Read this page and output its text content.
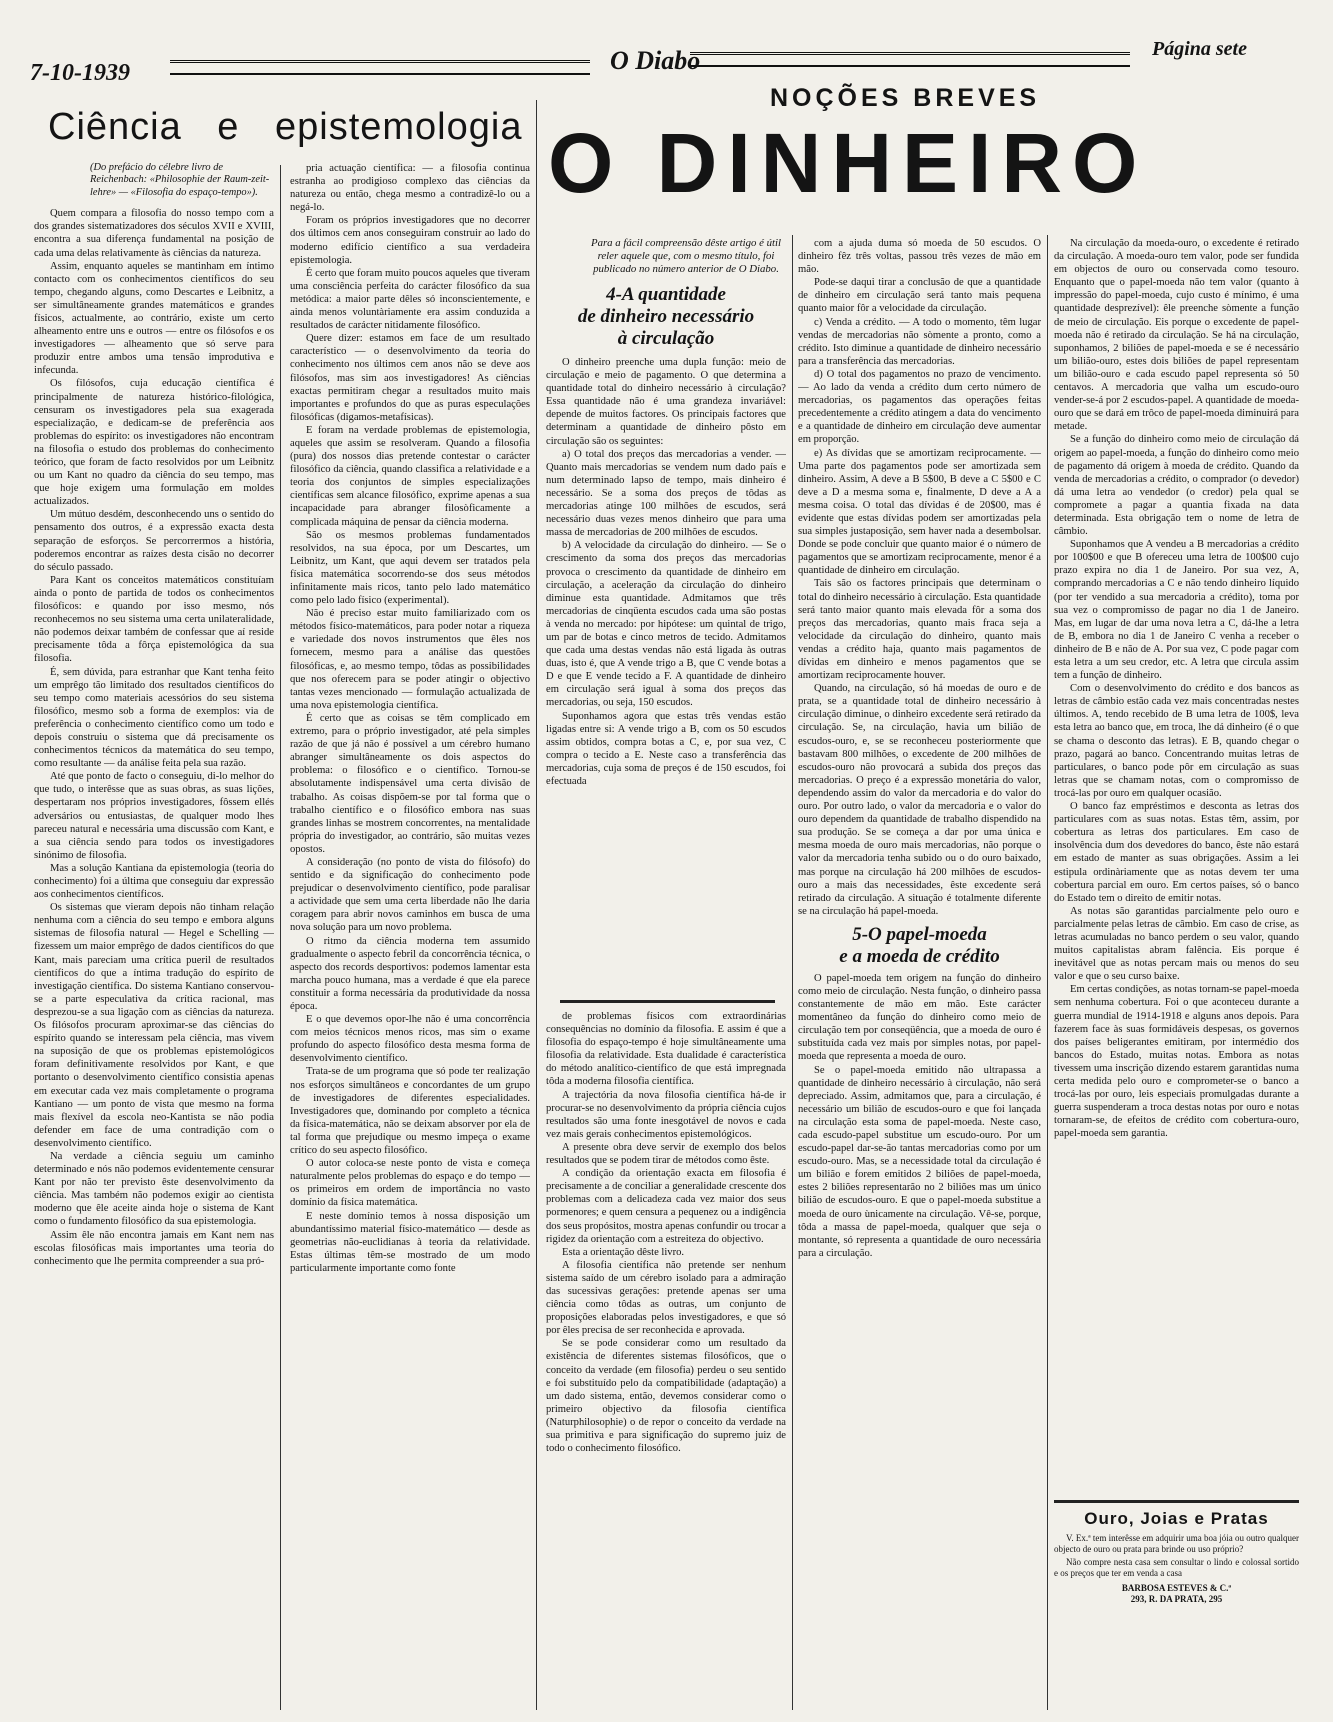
7-10-1939	O Diabo	Página sete
Ciência e epistemologia
NOÇÕES BREVES
O DINHEIRO
(Do prefácio do célebre livro de Reichenbach: «Philosophie der Raum-zeit-lehre» — «Filosofia do espaço-tempo»).

Quem compara a filosofia do nosso tempo com a dos grandes sistematizadores dos séculos XVII e XVIII, encontra a sua diferença fundamental na posição de cada uma delas relativamente às ciências da natureza.

Assim, enquanto aqueles se mantinham em íntimo contacto com os conhecimentos científicos do seu tempo, chegando alguns, como Descartes e Leibnitz, a ser simultâneamente grandes matemáticos e grandes físicos, actualmente, ao contrário, existe um certo alheamento entre uns e outros — entre os filósofos e os investigadores — alheamento que só serve para produzir entre ambos uma tensão improdutiva e infecunda.

Os filósofos, cuja educação científica é principalmente de natureza histórico-filológica, censuram os investigadores pela sua exagerada especialização, e dedicam-se de preferência aos problemas do espírito: os investigadores não encontram na filosofia o estudo dos problemas do conhecimento teórico, que foram de facto resolvidos por um Leibnitz ou um Kant no quadro da ciência do seu tempo, mas que hoje exigem uma formulação em moldes actualizados.

Um mútuo desdém, desconhecendo uns o sentido do pensamento dos outros, é a expressão exacta desta separação de esforços. Se percorrermos a história, poderemos encontrar as raízes desta cisão no decorrer do século passado.

Para Kant os conceitos matemáticos constituíam ainda o ponto de partida de todos os conhecimentos filosóficos: e quando por isso mesmo, nós reconhecemos no seu sistema uma certa unilateralidade, não podemos deixar também de confessar que aí reside precisamente tôda a fôrça epistemológica da sua filosofia.

É, sem dúvida, para estranhar que Kant tenha feito um emprêgo tão limitado dos resultados científicos do seu tempo como materiais acessórios do seu sistema filosófico, mesmo sob a forma de exemplos: via de preferência o conhecimento científico como um todo e depois construiu o sistema que dá precisamente os conhecimentos técnicos da matemática do seu tempo, como resultante — da análise feita pela sua razão.

Até que ponto de facto o conseguiu, di-lo melhor do que tudo, o interêsse que as suas obras, as suas lições, despertaram nos próprios investigadores, fôssem ellés adversários ou entusiastas, de qualquer modo lhes pareceu natural e necessária uma discussão com Kant, e a sua ciência sendo para todos os investigadores sinónimo de filosofia.

Mas a solução Kantiana da epistemologia (teoria do conhecimento) foi a última que conseguiu dar expressão aos conhecimentos científicos.

Os sistemas que vieram depois não tinham relação nenhuma com a ciência do seu tempo e embora alguns sistemas de filosofia natural — Hegel e Schelling — fizessem um maior emprêgo de dados científicos do que Kant, mais pareciam uma crítica pueril de resultados científicos do que a íntima tradução do espírito de investigação científica. Do sistema Kantiano conservou-se a parte especulativa da crítica racional, mas desprezou-se a sua ligação com as ciências da natureza. Os filósofos procuram aproximar-se das ciências do espírito quando se interessam pela ciência, mas vivem na suposição de que os problemas epistemológicos foram definitivamente resolvidos por Kant, e que portanto o desenvolvimento científico consistia apenas em executar cada vez mais completamente o programa Kantiano — um ponto de vista que mesmo na forma mais flexível da escola neo-Kantista se não podia defender em face de uma contradição com o desenvolvimento científico.

Na verdade a ciência seguiu um caminho determinado e nós não podemos evidentemente censurar Kant por não ter previsto êste desenvolvimento da ciência. Mas também não podemos exigir ao cientista moderno que êle aceite ainda hoje o sistema de Kant como o fundamento filosófico da sua epistemologia.

Assim êle não encontra jamais em Kant nem nas escolas filosóficas mais importantes uma teoria do conhecimento que lhe permita compreender a sua pró-

pria actuação científica: — a filosofia continua estranha ao prodigioso complexo das ciências da natureza ou então, chega mesmo a contradizê-lo ou a negá-lo.

Foram os próprios investigadores que no decorrer dos últimos cem anos conseguiram construir ao lado do moderno edifício científico a sua verdadeira epistemologia.

É certo que foram muito poucos aqueles que tiveram uma consciência perfeita do carácter filosófico da sua metódica: a maior parte dêles só inconscientemente, e ainda menos voluntàriamente era assim conduzida a resultados de carácter nitidamente filosófico.

Quere dizer: estamos em face de um resultado característico — o desenvolvimento da teoria do conhecimento nos últimos cem anos não se deve aos filósofos, mas sim aos investigadores! As ciências exactas permitiram chegar a resultados muito mais importantes e profundos do que as puras especulações filosóficas (digamos-metafísicas).

E foram na verdade problemas de epistemologia, aqueles que assim se resolveram. Quando a filosofia (pura) dos nossos dias pretende contestar o carácter filosófico da ciência, quando classifica a relatividade e a teoria dos conjuntos de simples especializações científicas sem alcance filosófico, exprime apenas a sua incapacidade para abranger filosòficamente a complicada máquina de pensar da ciência moderna.

São os mesmos problemas fundamentados resolvidos, na sua época, por um Descartes, um Leibnitz, um Kant, que aqui devem ser tratados pela física matemática socorrendo-se dos seus métodos infinitamente mais ricos, tanto pelo lado matemático como pelo lado físico (experimental).

Não é preciso estar muito familiarizado com os métodos físico-matemáticos, para poder notar a riqueza e variedade dos novos instrumentos que êles nos fornecem, mesmo para a análise das questões filosóficas, e, ao mesmo tempo, tôdas as possibilidades que nos oferecem para se poder atingir o objectivo tantas vezes mencionado — formulação actualizada de uma nova epistemologia científica.

É certo que as coisas se têm complicado em extremo, para o próprio investigador, até pela simples razão de que já não é possível a um cérebro humano abranger simultâneamente os dois aspectos do problema: o filosófico e o científico. Tornou-se absolutamente indispensável uma certa divisão de trabalho. As coisas dispõem-se por tal forma que o trabalho científico e o filosófico embora nas suas grandes linhas se mostrem concorrentes, na mentalidade própria do investigador, ao contrário, são muitas vezes opostos.

A consideração (no ponto de vista do filósofo) do sentido e da significação do conhecimento pode prejudicar o desenvolvimento científico, pode paralisar a actividade que sem uma certa liberdade não lhe daria coragem para abrir novos caminhos em busca de uma nova solução para um novo problema.

O ritmo da ciência moderna tem assumido gradualmente o aspecto febril da concorrência técnica, o aspecto dos records desportivos: podemos lamentar esta marcha pouco humana, mas a verdade é que ela parece constituir a forma necessária da produtividade da nossa época.

E o que devemos opor-lhe não é uma concorrência com meios técnicos menos ricos, mas sim o exame profundo do aspecto filosófico desta mesma forma de desenvolvimento científico.

Trata-se de um programa que só pode ter realização nos esforços simultâneos e concordantes de um grupo de investigadores de diferentes especialidades. Investigadores que, dominando por completo a técnica da física-matemática, não se deixam absorver por ela de tal forma que prejudique ou mesmo impeça o exame crítico do seu aspecto filosófico.

O autor coloca-se neste ponto de vista e começa naturalmente pelos problemas do espaço e do tempo — os primeiros em ordem de importância no vasto domínio da física matemática.

E neste domínio temos à nossa disposição um abundantíssimo material físico-matemático — desde as geometrias não-euclidianas à teoria da relatividade. Estas últimas têm-se mostrado de um modo particularmente importante como fonte

Para a fácil compreensão dêste artigo é útil reler aquele que, com o mesmo título, foi publicado no número anterior de O Diabo.
4-A quantidade
de dinheiro necessário
à circulação

O dinheiro preenche uma dupla função: meio de circulação e meio de pagamento. O que determina a quantidade total do dinheiro necessário à circulação? Essa quantidade não é uma grandeza invariável: depende de muitos factores. Os principais factores que determinam a quantidade de dinheiro pôsto em circulação são os seguintes:

a) O total dos preços das mercadorias a vender. — Quanto mais mercadorias se vendem num dado país e num determinado lapso de tempo, mais dinheiro é necessário. Se a soma dos preços de tôdas as mercadorias atinge 100 milhões de escudos, será necessário duas vezes menos dinheiro que para uma massa de mercadorias de 200 milhões de escudos.

b) A velocidade da circulação do dinheiro. — Se o crescimento da soma dos preços das mercadorias provoca o crescimento da quantidade de dinheiro em circulação, a aceleração da circulação do dinheiro diminue esta quantidade. Admitamos que três mercadorias de cinqüenta escudos cada uma são postas à venda no mercado: por hipótese: um quintal de trigo, um par de botas e cinco metros de tecido. Admitamos que cada uma destas vendas não está ligada às outras duas, isto é, que A vende trigo a B, que C vende botas a D e que E vende tecido a F. A quantidade de dinheiro em circulação será igual à soma dos preços das mercadorias, ou seja, 150 escudos.

Suponhamos agora que estas três vendas estão ligadas entre si: A vende trigo a B, com os 50 escudos assim obtidos, compra botas a C, e, por sua vez, C compra o tecido a E. Neste caso a transferência das mercadorias, cuja soma de preços é de 150 escudos, foi efectuada

de problemas físicos com extraordinárias consequências no domínio da filosofia. E assim é que a filosofia do espaço-tempo é hoje simultâneamente uma filosofia da relatividade. Esta dualidade é característica do método analítico-científico de que está impregnada tôda a moderna filosofia científica.

A trajectória da nova filosofia científica há-de ir procurar-se no desenvolvimento da própria ciência cujos resultados são uma fonte inesgotável de novos e cada vez mais gerais conhecimentos epistemológicos.

A presente obra deve servir de exemplo dos belos resultados que se podem tirar de métodos como êste.

A condição da orientação exacta em filosofia é precisamente a de conciliar a generalidade crescente dos problemas com a delicadeza cada vez maior dos seus pormenores; e quem censura a pequenez ou a indigência dos seus propósitos, mostra apenas confundir ou trocar a rigidez da orientação com a estreiteza do objectivo.

Esta a orientação dêste livro.

A filosofia científica não pretende ser nenhum sistema saído de um cérebro isolado para a admiração das sucessivas gerações: pretende apenas ser uma ciência como tôdas as outras, um conjunto de proposições elaboradas pelos investigadores, e que só por êles precisa de ser reconhecida e aprovada.

Se se pode considerar como um resultado da existência de diferentes sistemas filosóficos, que o conceito da verdade (em filosofia) perdeu o seu sentido e foi substituído pelo da compatibilidade (adaptação) a um dado sistema, então, devemos considerar como o primeiro objectivo da filosofia científica (Naturphilosophie) o de repor o conceito da verdade na sua primitiva e para significação do supremo juiz de todo o conhecimento filosófico.

com a ajuda duma só moeda de 50 escudos. O dinheiro fêz três voltas, passou três vezes de mão em mão.

Pode-se daqui tirar a conclusão de que a quantidade de dinheiro em circulação será tanto mais pequena quanto maior fôr a velocidade da circulação.

c) Venda a crédito. — A todo o momento, têm lugar vendas de mercadorias não sòmente a pronto, como a crédito. Isto diminue a quantidade de dinheiro necessário para a transferência das mercadorias.

d) O total dos pagamentos no prazo de vencimento. — Ao lado da venda a crédito dum certo número de mercadorias, os pagamentos das operações feitas precedentemente a crédito atingem a data do vencimento e a quantidade de dinheiro em circulação deve aumentar em proporção.

e) As dívidas que se amortizam recìprocamente. — Uma parte dos pagamentos pode ser amortizada sem dinheiro. Assim, A deve a B 5$00, B deve a C 5$00 e C deve a D a mesma soma e, finalmente, D deve a A a mesma coisa. O total das dívidas é de 20$00, mas é evidente que estas dívidas podem ser amortizadas pela sua simples justaposição, sem haver nada a desembolsar. Donde se pode concluir que quanto maior é o número de pagamentos que se amortizam reciprocamente, menor é a quantidade de dinheiro em circulação.

Tais são os factores principais que determinam o total do dinheiro necessário à circulação. Esta quantidade será tanto maior quanto mais elevada fôr a soma dos preços das mercadorias, quanto mais fraca seja a velocidade da circulação do dinheiro, quanto mais vendas a crédito haja, quanto mais pagamentos de dívidas em dinheiro e menos pagamentos que se amortizam reciprocamente houver.

Quando, na circulação, só há moedas de ouro e de prata, se a quantidade total de dinheiro necessário à circulação diminue, o dinheiro excedente será retirado da circulação. Se, na circulação, havia um bilião de escudos-ouro, e, se se reconheceu posteriormente que bastavam 800 milhões, o excedente de 200 milhões de escudos-ouro não provocará a subida dos preços das mercadorias. O preço é a expressão monetária do valor, dependendo assim do valor da mercadoria e do valor do ouro. Por outro lado, o valor da mercadoria e o valor do ouro dependem da quantidade de trabalho dispendido na sua produção. Se se começa a dar por uma única e mesma moeda de ouro mais mercadorias, não porque o valor da mercadoria tenha subido ou o do ouro baixado, mas porque na circulação há 200 milhões de escudos-ouro a mais das necessidades, êste excedente será retirado da circulação. A situação é totalmente diferente se na circulação há papel-moeda.

5-O papel-moeda
e a moeda de crédito

O papel-moeda tem origem na função do dinheiro como meio de circulação. Nesta função, o dinheiro passa constantemente de mão em mão. Este carácter momentâneo da função do dinheiro como meio de circulação tem por conseqüência, que a moeda de ouro é substituída cada vez mais por simples notas, por papel-moeda que representa a moeda de ouro.

Se o papel-moeda emitido não ultrapassa a quantidade de dinheiro necessário à circulação, não será depreciado. Assim, admitamos que, para a circulação, é necessário um bilião de escudos-ouro e que foi lançada na circulação esta soma de papel-moeda. Neste caso, cada escudo-papel substitue um escudo-ouro. Por um escudo-papel dar-se-ão tantas mercadorias como por um escudo-ouro. Mas, se a necessidade total da circulação é um bilião e forem emitidos 2 biliões de papel-moeda, estes 2 biliões representarão no 2 biliões mas um único bilião de escudos-ouro. E que o papel-moeda substitue a moeda de ouro ùnicamente na circulação. Vê-se, porque, tôda a massa de papel-moeda, qualquer que seja o montante, só representa a quantidade de ouro necessária para a circulação.

Na circulação da moeda-ouro, o excedente é retirado da circulação. A moeda-ouro tem valor, pode ser fundida em objectos de ouro ou conservada como tesouro. Enquanto que o papel-moeda não tem valor (quanto à impressão do papel-moeda, cujo custo é mínimo, é uma quantidade desprezível): êle preenche sòmente a função de meio de circulação. Eis porque o excedente de papel-moeda não é retirado da circulação. Se há na circulação, suponhamos, 2 biliões de papel-moeda e se é necessário um bilião-ouro, estes dois biliões de papel representam um bilião-ouro e cada escudo papel representa só 50 centavos. A mercadoria que valha um escudo-ouro vender-se-á por 2 escudos-papel. A quantidade de moeda-ouro que se dará em trôco de papel-moeda diminuirá para metade.

Se a função do dinheiro como meio de circulação dá origem ao papel-moeda, a função do dinheiro como meio de pagamento dá origem à moeda de crédito. Quando da venda de mercadorias a crédito, o comprador (o devedor) dá uma letra ao vendedor (o credor) pela qual se compromete a pagar a quantia fixada na data determinada. Esta obrigação tem o nome de letra de câmbio.

Suponhamos que A vendeu a B mercadorias a crédito por 100$00 e que B ofereceu uma letra de 100$00 cujo prazo expira no dia 1 de Janeiro. Por sua vez, A, comprando mercadorias a C e não tendo dinheiro líquido (por ter vendido a sua mercadoria a crédito), toma por sua vez o compromisso de pagar no dia 1 de Janeiro. Mas, em lugar de dar uma nova letra a C, dá-lhe a letra de B, embora no dia 1 de Janeiro C venha a receber o dinheiro de B e não de A. Por sua vez, C pode pagar com esta letra a um seu credor, etc. A letra que circula assim tem a função de dinheiro.

Com o desenvolvimento do crédito e dos bancos as letras de câmbio estão cada vez mais concentradas nestes últimos. A, tendo recebido de B uma letra de 100$, leva esta letra ao banco que, em troca, lhe dá dinheiro (é o que se chama o desconto das letras). E B, quando chegar o prazo, pagará ao banco. Concentrando muitas letras de particulares, o banco pode pôr em circulação as suas letras que se chamam notas, com o compromisso de trocá-las por ouro em qualquer ocasião.

O banco faz empréstimos e desconta as letras dos particulares com as suas notas. Estas têm, assim, por cobertura as letras dos particulares. Em caso de insolvência dum dos devedores do banco, êste não estará em estado de manter as suas obrigações. Assim a lei estipula ordinàriamente que as notas devem ter uma cobertura parcial em ouro. Em certos países, só o banco do Estado tem o direito de emitir notas.

As notas são garantidas parcialmente pelo ouro e parcialmente pelas letras de câmbio. Em caso de crise, as letras acumuladas no banco perdem o seu valor, quando muitos capitalistas abram falência. Eis porque é inevitável que as notas percam mais ou menos do seu valor e que o seu curso baixe.

Em certas condições, as notas tornam-se papel-moeda sem nenhuma cobertura. Foi o que aconteceu durante a guerra mundial de 1914-1918 e alguns anos depois. Para fazerem face às suas formidáveis despesas, os governos dos países beligerantes emitiram, por intermédio dos bancos do Estado, muitas notas. Embora as notas tivessem uma inscrição dizendo estarem garantidas numa certa medida pelo ouro e comprometer-se o banco a trocá-las por ouro, leis especiais promulgadas durante a guerra suspenderam a troca destas notas por ouro e notas tornaram-se, de efeitos de crédito com cobertura-ouro, papel-moeda sem garantia.

Ouro, Joias e Pratas
V. Ex.ª tem interêsse em adquirir uma boa jóia ou outro qualquer objecto de ouro ou prata para brinde ou uso próprio?
Não compre nesta casa sem consultar o lindo e colossal sortido e os preços que ter em venda a casa
BARBOSA ESTEVES & C.ª
293, R. DA PRATA, 295
